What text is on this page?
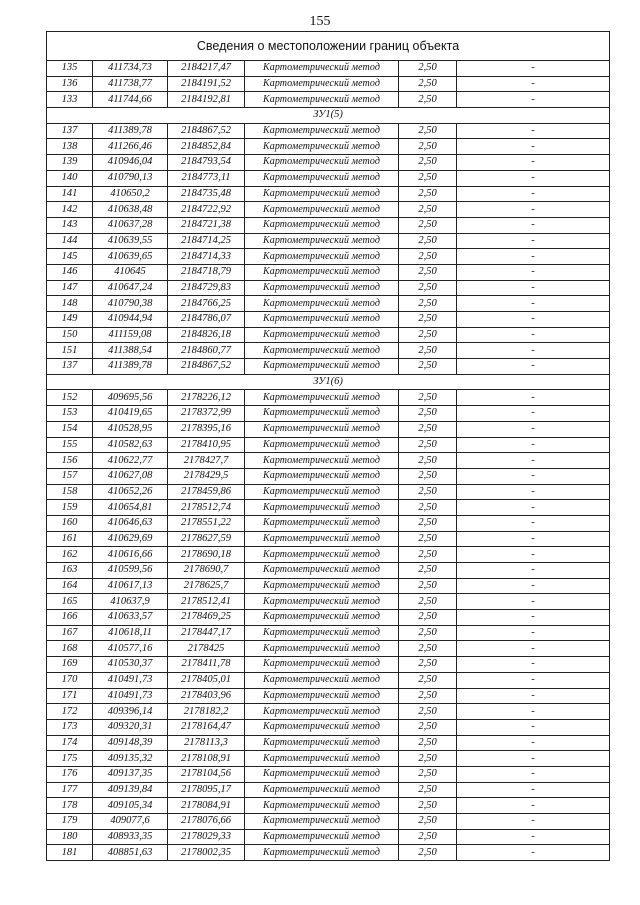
155
Сведения о местоположении границ объекта					
135	411734,73	2184217,47	Картометрический метод	2,50	-
136	411738,77	2184191,52	Картометрический метод	2,50	-
133	411744,66	2184192,81	Картометрический метод	2,50	-
ЗУ1(5)					
137	411389,78	2184867,52	Картометрический метод	2,50	-
138	411266,46	2184852,84	Картометрический метод	2,50	-
139	410946,04	2184793,54	Картометрический метод	2,50	-
140	410790,13	2184773,11	Картометрический метод	2,50	-
141	410650,2	2184735,48	Картометрический метод	2,50	-
142	410638,48	2184722,92	Картометрический метод	2,50	-
143	410637,28	2184721,38	Картометрический метод	2,50	-
144	410639,55	2184714,25	Картометрический метод	2,50	-
145	410639,65	2184714,33	Картометрический метод	2,50	-
146	410645	2184718,79	Картометрический метод	2,50	-
147	410647,24	2184729,83	Картометрический метод	2,50	-
148	410790,38	2184766,25	Картометрический метод	2,50	-
149	410944,94	2184786,07	Картометрический метод	2,50	-
150	411159,08	2184826,18	Картометрический метод	2,50	-
151	411388,54	2184860,77	Картометрический метод	2,50	-
137	411389,78	2184867,52	Картометрический метод	2,50	-
ЗУ1(6)					
152	409695,56	2178226,12	Картометрический метод	2,50	-
153	410419,65	2178372,99	Картометрический метод	2,50	-
154	410528,95	2178395,16	Картометрический метод	2,50	-
155	410582,63	2178410,95	Картометрический метод	2,50	-
156	410622,77	2178427,7	Картометрический метод	2,50	-
157	410627,08	2178429,5	Картометрический метод	2,50	-
158	410652,26	2178459,86	Картометрический метод	2,50	-
159	410654,81	2178512,74	Картометрический метод	2,50	-
160	410646,63	2178551,22	Картометрический метод	2,50	-
161	410629,69	2178627,59	Картометрический метод	2,50	-
162	410616,66	2178690,18	Картометрический метод	2,50	-
163	410599,56	2178690,7	Картометрический метод	2,50	-
164	410617,13	2178625,7	Картометрический метод	2,50	-
165	410637,9	2178512,41	Картометрический метод	2,50	-
166	410633,57	2178469,25	Картометрический метод	2,50	-
167	410618,11	2178447,17	Картометрический метод	2,50	-
168	410577,16	2178425	Картометрический метод	2,50	-
169	410530,37	2178411,78	Картометрический метод	2,50	-
170	410491,73	2178405,01	Картометрический метод	2,50	-
171	410491,73	2178403,96	Картометрический метод	2,50	-
172	409396,14	2178182,2	Картометрический метод	2,50	-
173	409320,31	2178164,47	Картометрический метод	2,50	-
174	409148,39	2178113,3	Картометрический метод	2,50	-
175	409135,32	2178108,91	Картометрический метод	2,50	-
176	409137,35	2178104,56	Картометрический метод	2,50	-
177	409139,84	2178095,17	Картометрический метод	2,50	-
178	409105,34	2178084,91	Картометрический метод	2,50	-
179	409077,6	2178076,66	Картометрический метод	2,50	-
180	408933,35	2178029,33	Картометрический метод	2,50	-
181	408851,63	2178002,35	Картометрический метод	2,50	-
